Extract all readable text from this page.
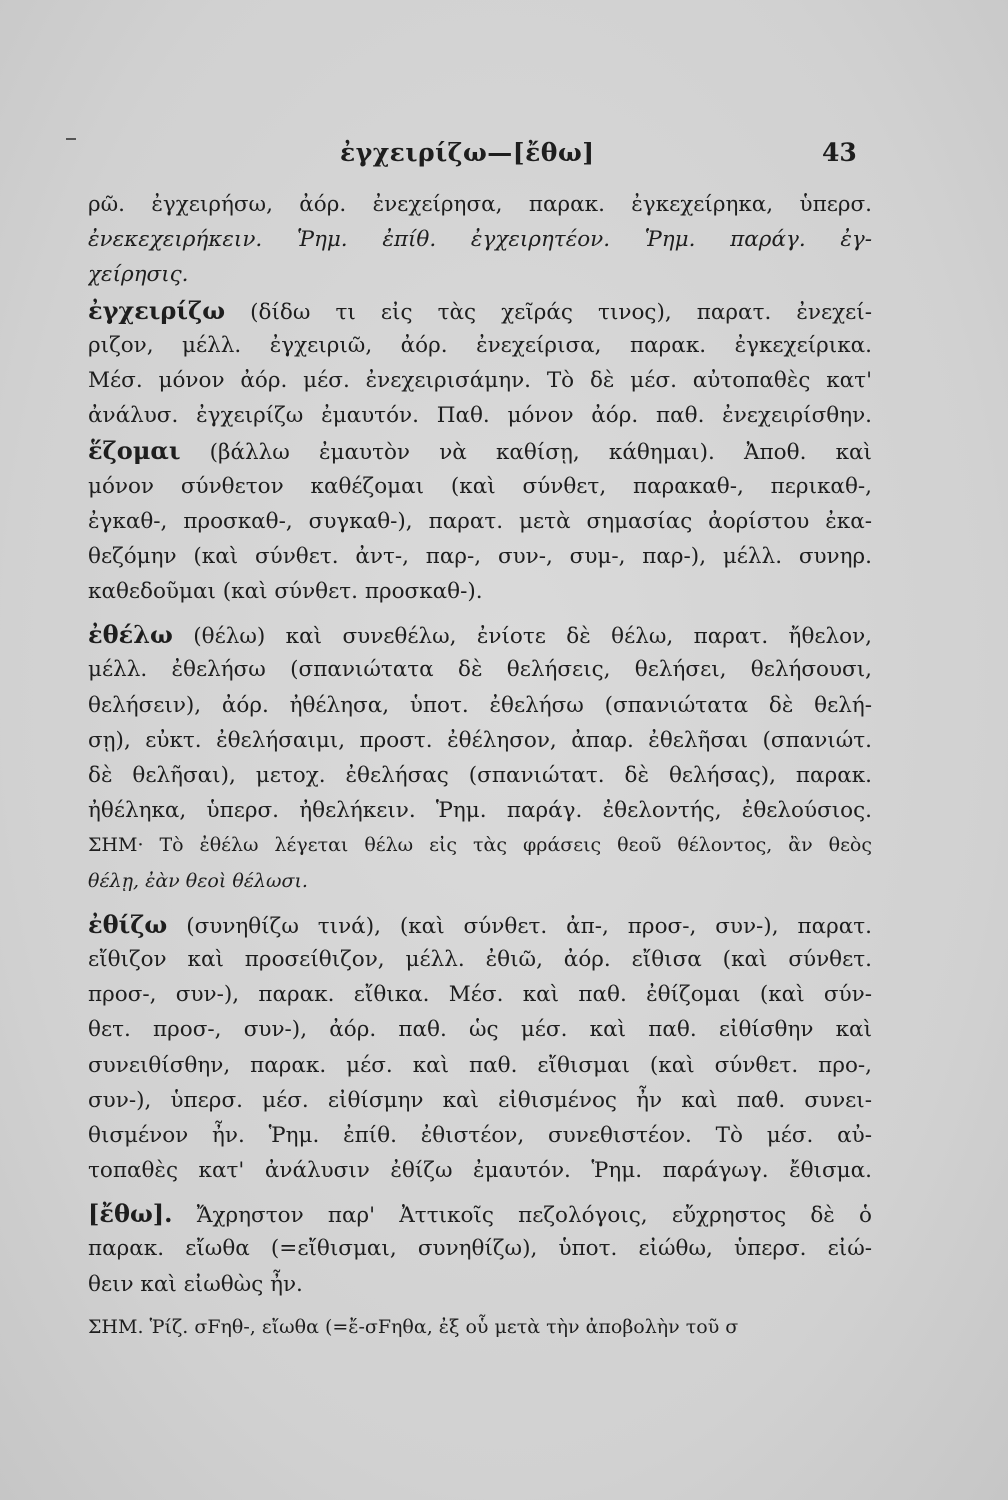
ἐγχειρίζω—[ἔθω]	43
ρῶ. ἐγχειρήσω, ἀόρ. ἐνεχείρησα, παρακ. ἐγκεχείρηκα, ὑπερσ.
ἐνεκεχειρήκειν. Ῥημ. ἐπίθ. ἐγχειρητέον. Ῥημ. παράγ. ἐγ-
χείρησις.
ἐγχειρίζω (δίδω τι εἰς τὰς χεῖράς τινος), παρατ. ἐνεχεί-
ριζον, μέλλ. ἐγχειριῶ, ἀόρ. ἐνεχείρισα, παρακ. ἐγκεχείρικα.
Μέσ. μόνον ἀόρ. μέσ. ἐνεχειρισάμην. Τὸ δὲ μέσ. αὐτοπαθὲς κατ'
ἀνάλυσ. ἐγχειρίζω ἐμαυτόν. Παθ. μόνον ἀόρ. παθ. ἐνεχειρίσθην.
ἕζομαι (βάλλω ἐμαυτὸν νὰ καθίσῃ, κάθημαι). Ἀποθ. καὶ
μόνον σύνθετον καθέζομαι (καὶ σύνθετ, παρακαθ-, περικαθ-,
ἐγκαθ-, προσκαθ-, συγκαθ-), παρατ. μετὰ σημασίας ἀορίστου ἐκα-
θεζόμην (καὶ σύνθετ. ἀντ-, παρ-, συν-, συμ-, παρ-), μέλλ. συνηρ.
καθεδοῦμαι (καὶ σύνθετ. προσκαθ-).
ἐθέλω (θέλω) καὶ συνεθέλω, ἐνίοτε δὲ θέλω, παρατ. ἤθελον,
μέλλ. ἐθελήσω (σπανιώτατα δὲ θελήσεις, θελήσει, θελήσουσι,
θελήσειν), ἀόρ. ἠθέλησα, ὑποτ. ἐθελήσω (σπανιώτατα δὲ θελή-
σῃ), εὐκτ. ἐθελήσαιμι, προστ. ἐθέλησον, ἀπαρ. ἐθελῆσαι (σπανιώτ.
δὲ θελῆσαι), μετοχ. ἐθελήσας (σπανιώτατ. δὲ θελήσας), παρακ.
ἠθέληκα, ὑπερσ. ἠθελήκειν. Ῥημ. παράγ. ἐθελοντής, ἐθελούσιος.
ΣΗΜ· Τὸ ἐθέλω λέγεται θέλω εἰς τὰς φράσεις θεοῦ θέλοντος, ἂν θεὸς
θέλῃ, ἐὰν θεοὶ θέλωσι.
ἐθίζω (συνηθίζω τινά), (καὶ σύνθετ. ἀπ-, προσ-, συν-), παρατ.
εἴθιζον καὶ προσείθιζον, μέλλ. ἐθιῶ, ἀόρ. εἴθισα (καὶ σύνθετ.
προσ-, συν-), παρακ. εἴθικα. Μέσ. καὶ παθ. ἐθίζομαι (καὶ σύν-
θετ. προσ-, συν-), ἀόρ. παθ. ὡς μέσ. καὶ παθ. εἰθίσθην καὶ
συνειθίσθην, παρακ. μέσ. καὶ παθ. εἴθισμαι (καὶ σύνθετ. προ-,
συν-), ὑπερσ. μέσ. εἰθίσμην καὶ εἰθισμένος ἦν καὶ παθ. συνει-
θισμένον ἦν. Ῥημ. ἐπίθ. ἐθιστέον, συνεθιστέον. Τὸ μέσ. αὐ-
τοπαθὲς κατ' ἀνάλυσιν ἐθίζω ἐμαυτόν. Ῥημ. παράγωγ. ἔθισμα.
[ἔθω]. Ἄχρηστον παρ' Ἀττικοῖς πεζολόγοις, εὔχρηστος δὲ ὁ
παρακ. εἴωθα (=εἴθισμαι, συνηθίζω), ὑποτ. εἰώθω, ὑπερσ. εἰώ-
θειν καὶ εἰωθὼς ἦν.
ΣΗΜ. Ῥίζ. σFηθ-, εἴωθα (=ἔ-σFηθα, ἐξ οὗ μετὰ τὴν ἀποβολὴν τοῦ σ
